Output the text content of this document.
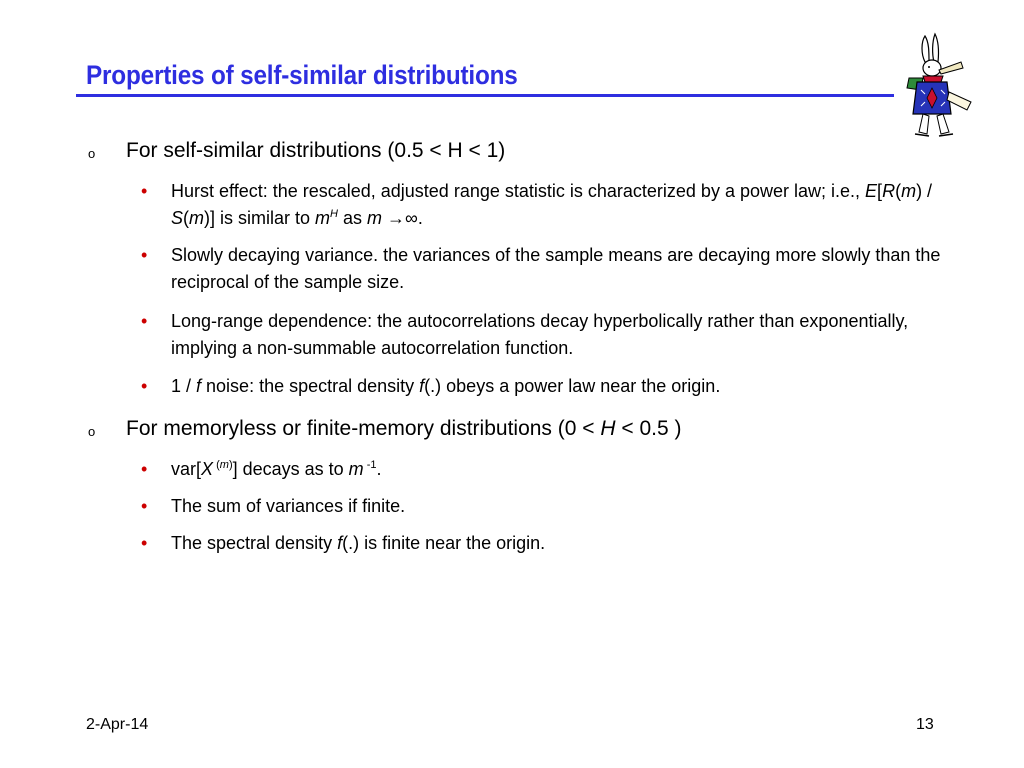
Properties of self-similar distributions
o For self-similar distributions (0.5 < H < 1)
• Hurst effect: the rescaled, adjusted range statistic is characterized by a power law; i.e., E[R(m) / S(m)] is similar to $m^H$ as m →∞.
• Slowly decaying variance. the variances of the sample means are decaying more slowly than the reciprocal of the sample size.
• Long-range dependence: the autocorrelations decay hyperbolically rather than exponentially, implying a non-summable autocorrelation function.
• 1 / f noise: the spectral density f(.) obeys a power law near the origin.
o For memoryless or finite-memory distributions (0 < H < 0.5 )
• var[X $^{(m)}$] decays as to m $^{-1}$.
• The sum of variances if finite.
• The spectral density f(.) is finite near the origin.
2-Apr-14	13
